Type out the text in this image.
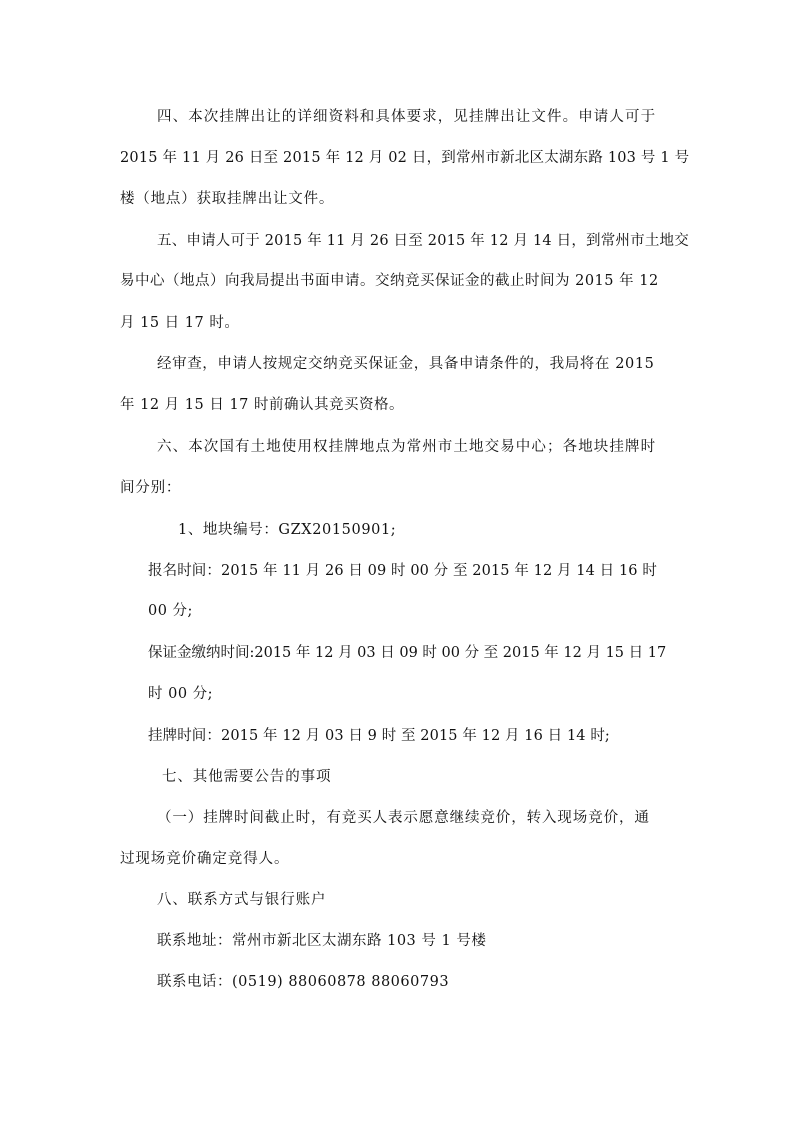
四、本次挂牌出让的详细资料和具体要求，见挂牌出让文件。申请人可于

2015 年 11 月 26 日至 2015 年 12 月 02 日，到常州市新北区太湖东路 103 号 1 号

楼（地点）获取挂牌出让文件。

五、申请人可于 2015 年 11 月 26 日至 2015 年 12 月 14 日，到常州市土地交

易中心（地点）向我局提出书面申请。交纳竞买保证金的截止时间为 2015 年 12

月 15 日 17 时。

经审查，申请人按规定交纳竞买保证金，具备申请条件的，我局将在 2015

年 12 月 15 日 17 时前确认其竞买资格。

六、本次国有土地使用权挂牌地点为常州市土地交易中心；各地块挂牌时

间分别：

1、地块编号：GZX20150901;

报名时间：2015 年 11 月 26 日 09 时 00 分 至 2015 年 12 月 14 日 16 时

00 分;

保证金缴纳时间:2015 年 12 月 03 日 09 时 00 分 至 2015 年 12 月 15 日 17

时 00 分;

挂牌时间：2015 年 12 月 03 日 9 时 至 2015 年 12 月 16 日 14 时;

七、其他需要公告的事项

（一）挂牌时间截止时，有竞买人表示愿意继续竞价，转入现场竞价，通

过现场竞价确定竞得人。

八、联系方式与银行账户

联系地址：常州市新北区太湖东路 103 号 1 号楼

联系电话：(0519) 88060878 88060793
